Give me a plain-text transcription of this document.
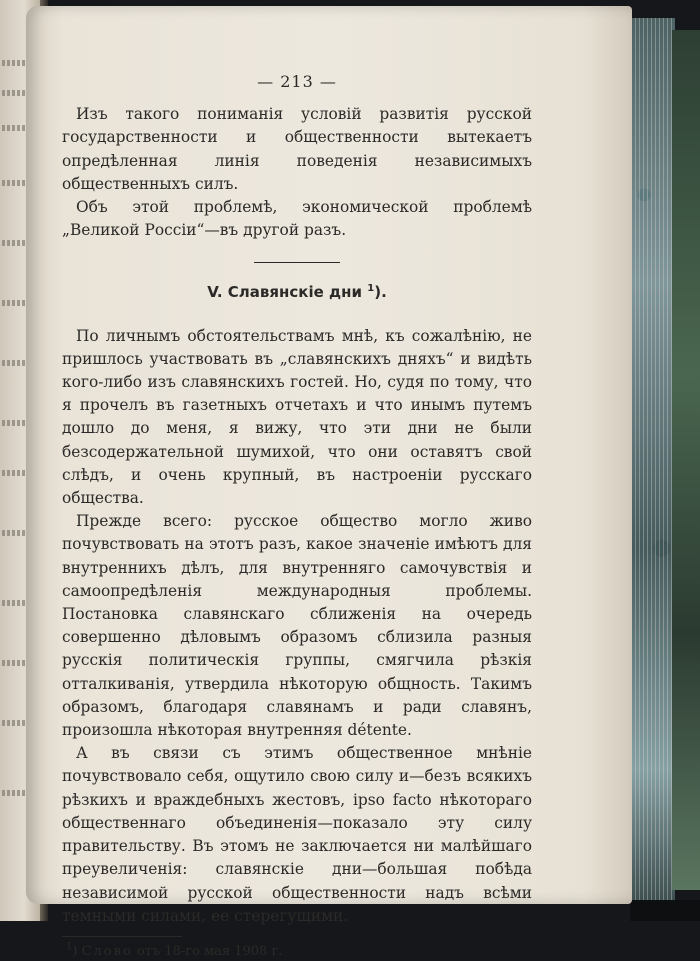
— 213 —

Изъ такого пониманія условій развитія русской государственности и общественности вытекаетъ опредѣленная линія поведенія независимыхъ общественныхъ силъ.

Объ этой проблемѣ, экономической проблемѣ „Великой Россіи“—въ другой разъ.

V. Славянскіе дни $^1$).

По личнымъ обстоятельствамъ мнѣ, къ сожалѣнію, не пришлось участвовать въ „славянскихъ дняхъ“ и видѣть кого-либо изъ славянскихъ гостей. Но, судя по тому, что я прочелъ въ газетныхъ отчетахъ и что инымъ путемъ дошло до меня, я вижу, что эти дни не были безсодержательной шумихой, что они оставятъ свой слѣдъ, и очень крупный, въ настроеніи русскаго общества.

Прежде всего: русское общество могло живо почувствовать на этотъ разъ, какое значеніе имѣютъ для внутреннихъ дѣлъ, для внутренняго самочувствія и самоопредѣленія международныя проблемы. Постановка славянскаго сближенія на очередь совершенно дѣловымъ образомъ сблизила разныя русскія политическія группы, смягчила рѣзкія отталкиванія, утвердила нѣкоторую общность. Такимъ образомъ, благодаря славянамъ и ради славянъ, произошла нѣкоторая внутренняя détente.

А въ связи съ этимъ общественное мнѣніе почувствовало себя, ощутило свою силу и—безъ всякихъ рѣзкихъ и враждебныхъ жестовъ, ipso facto нѣкотораго общественнаго объединенія—показало эту силу правительству. Въ этомъ не заключается ни малѣйшаго преувеличенія: славянскіе дни—большая побѣда независимой русской общественности надъ всѣми темными силами, ее стерегущими.

$^1$) Слово отъ 18-го мая 1908 г.
